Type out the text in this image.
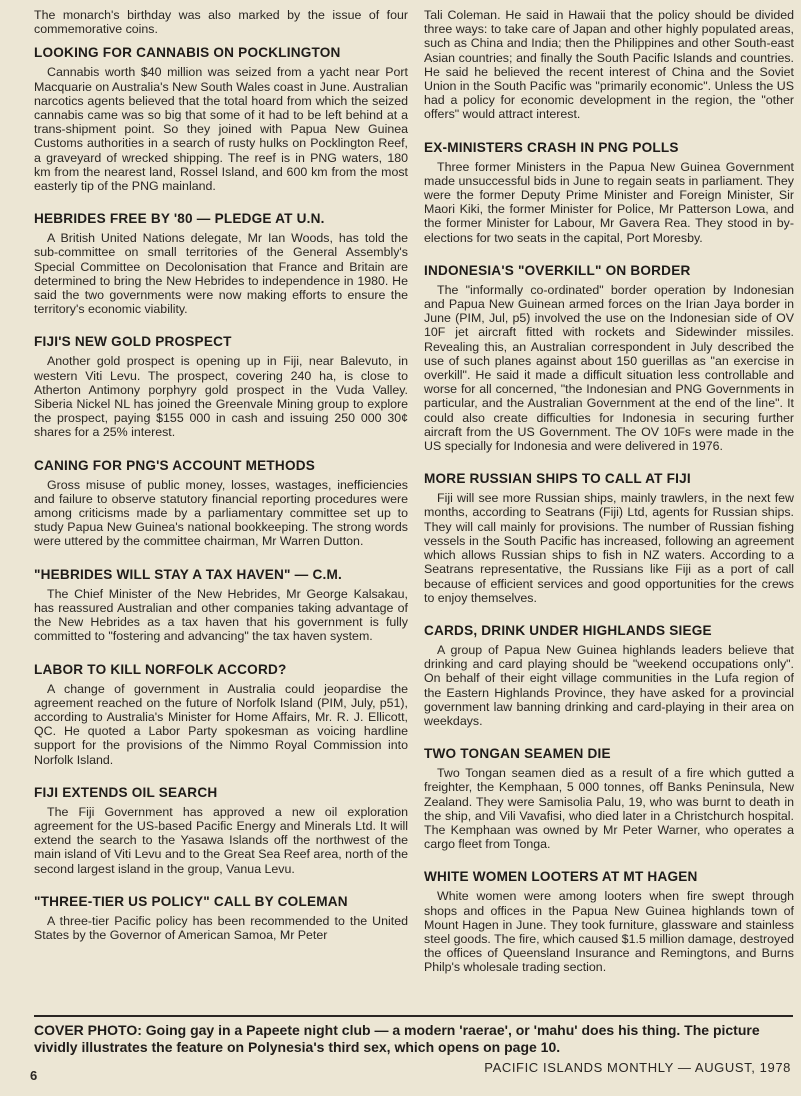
The monarch's birthday was also marked by the issue of four commemorative coins.

LOOKING FOR CANNABIS ON POCKLINGTON

Cannabis worth $40 million was seized from a yacht near Port Macquarie on Australia's New South Wales coast in June. Australian narcotics agents believed that the total hoard from which the seized cannabis came was so big that some of it had to be left behind at a trans-shipment point. So they joined with Papua New Guinea Customs authorities in a search of rusty hulks on Pocklington Reef, a graveyard of wrecked shipping. The reef is in PNG waters, 180 km from the nearest land, Rossel Island, and 600 km from the most easterly tip of the PNG mainland.

HEBRIDES FREE BY '80 — PLEDGE AT U.N.

A British United Nations delegate, Mr Ian Woods, has told the sub-committee on small territories of the General Assembly's Special Committee on Decolonisation that France and Britain are determined to bring the New Hebrides to independence in 1980. He said the two governments were now making efforts to ensure the territory's economic viability.

FIJI'S NEW GOLD PROSPECT

Another gold prospect is opening up in Fiji, near Balevuto, in western Viti Levu. The prospect, covering 240 ha, is close to Atherton Antimony porphyry gold prospect in the Vuda Valley. Siberia Nickel NL has joined the Greenvale Mining group to explore the prospect, paying $155 000 in cash and issuing 250 000 30¢ shares for a 25% interest.

CANING FOR PNG'S ACCOUNT METHODS

Gross misuse of public money, losses, wastages, inefficiencies and failure to observe statutory financial reporting procedures were among criticisms made by a parliamentary committee set up to study Papua New Guinea's national bookkeeping. The strong words were uttered by the committee chairman, Mr Warren Dutton.

"HEBRIDES WILL STAY A TAX HAVEN" — C.M.

The Chief Minister of the New Hebrides, Mr George Kalsakau, has reassured Australian and other companies taking advantage of the New Hebrides as a tax haven that his government is fully committed to "fostering and advancing" the tax haven system.

LABOR TO KILL NORFOLK ACCORD?

A change of government in Australia could jeopardise the agreement reached on the future of Norfolk Island (PIM, July, p51), according to Australia's Minister for Home Affairs, Mr. R. J. Ellicott, QC. He quoted a Labor Party spokesman as voicing hardline support for the provisions of the Nimmo Royal Commission into Norfolk Island.

FIJI EXTENDS OIL SEARCH

The Fiji Government has approved a new oil exploration agreement for the US-based Pacific Energy and Minerals Ltd. It will extend the search to the Yasawa Islands off the northwest of the main island of Viti Levu and to the Great Sea Reef area, north of the second largest island in the group, Vanua Levu.

"THREE-TIER US POLICY" CALL BY COLEMAN

A three-tier Pacific policy has been recommended to the United States by the Governor of American Samoa, Mr Peter

Tali Coleman. He said in Hawaii that the policy should be divided three ways: to take care of Japan and other highly populated areas, such as China and India; then the Philippines and other South-east Asian countries; and finally the South Pacific Islands and countries. He said he believed the recent interest of China and the Soviet Union in the South Pacific was "primarily economic". Unless the US had a policy for economic development in the region, the "other offers" would attract interest.

EX-MINISTERS CRASH IN PNG POLLS

Three former Ministers in the Papua New Guinea Government made unsuccessful bids in June to regain seats in parliament. They were the former Deputy Prime Minister and Foreign Minister, Sir Maori Kiki, the former Minister for Police, Mr Patterson Lowa, and the former Minister for Labour, Mr Gavera Rea. They stood in by-elections for two seats in the capital, Port Moresby.

INDONESIA'S "OVERKILL" ON BORDER

The "informally co-ordinated" border operation by Indonesian and Papua New Guinean armed forces on the Irian Jaya border in June (PIM, Jul, p5) involved the use on the Indonesian side of OV 10F jet aircraft fitted with rockets and Sidewinder missiles. Revealing this, an Australian correspondent in July described the use of such planes against about 150 guerillas as "an exercise in overkill". He said it made a difficult situation less controllable and worse for all concerned, "the Indonesian and PNG Governments in particular, and the Australian Government at the end of the line". It could also create difficulties for Indonesia in securing further aircraft from the US Government. The OV 10Fs were made in the US specially for Indonesia and were delivered in 1976.

MORE RUSSIAN SHIPS TO CALL AT FIJI

Fiji will see more Russian ships, mainly trawlers, in the next few months, according to Seatrans (Fiji) Ltd, agents for Russian ships. They will call mainly for provisions. The number of Russian fishing vessels in the South Pacific has increased, following an agreement which allows Russian ships to fish in NZ waters. According to a Seatrans representative, the Russians like Fiji as a port of call because of efficient services and good opportunities for the crews to enjoy themselves.

CARDS, DRINK UNDER HIGHLANDS SIEGE

A group of Papua New Guinea highlands leaders believe that drinking and card playing should be "weekend occupations only". On behalf of their eight village communities in the Lufa region of the Eastern Highlands Province, they have asked for a provincial government law banning drinking and card-playing in their area on weekdays.

TWO TONGAN SEAMEN DIE

Two Tongan seamen died as a result of a fire which gutted a freighter, the Kemphaan, 5 000 tonnes, off Banks Peninsula, New Zealand. They were Samisolia Palu, 19, who was burnt to death in the ship, and Vili Vavafisi, who died later in a Christchurch hospital. The Kemphaan was owned by Mr Peter Warner, who operates a cargo fleet from Tonga.

WHITE WOMEN LOOTERS AT MT HAGEN

White women were among looters when fire swept through shops and offices in the Papua New Guinea highlands town of Mount Hagen in June. They took furniture, glassware and stainless steel goods. The fire, which caused $1.5 million damage, destroyed the offices of Queensland Insurance and Remingtons, and Burns Philp's wholesale trading section.

COVER PHOTO: Going gay in a Papeete night club — a modern 'raerae', or 'mahu' does his thing. The picture vividly illustrates the feature on Polynesia's third sex, which opens on page 10.
6
PACIFIC ISLANDS MONTHLY — AUGUST, 1978
